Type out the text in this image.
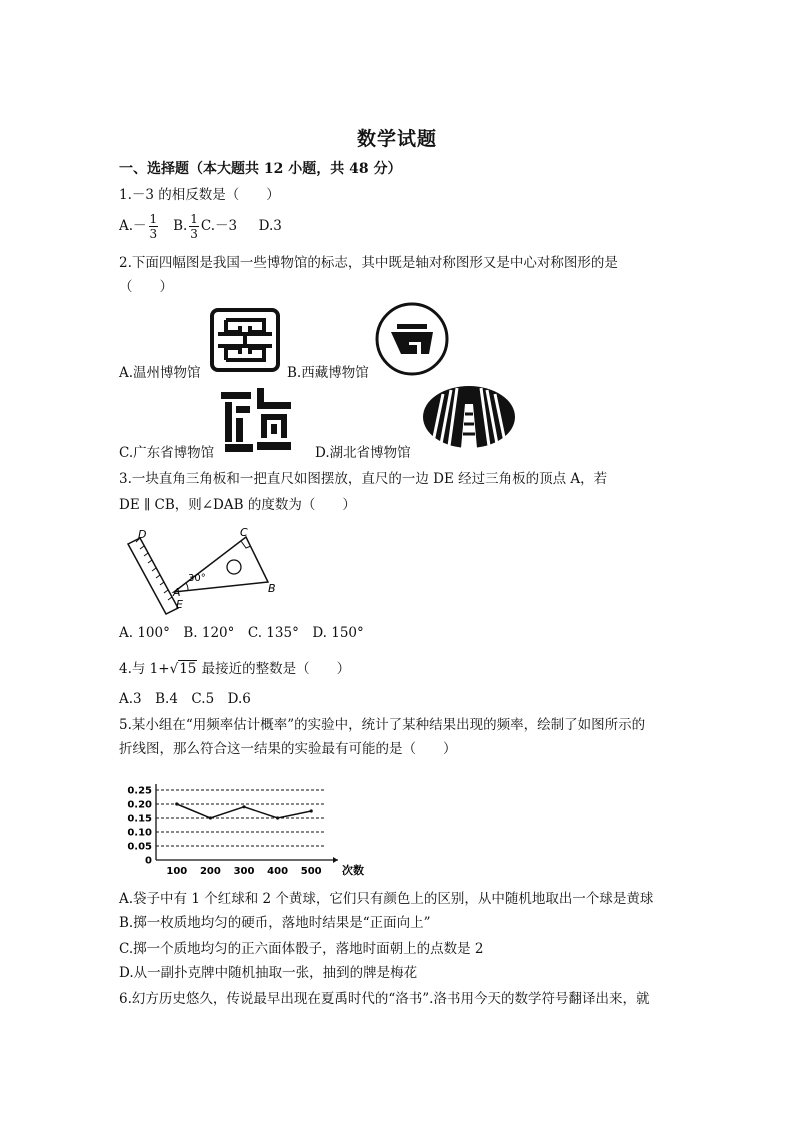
数学试题
一、选择题（本大题共 12 小题，共 48 分）
1.－3 的相反数是（　　）
$A.- \frac{1}{3} B$. $\frac{1}{3} C.-3$ D.3
2.下面四幅图是我国一些博物馆的标志，其中既是轴对称图形又是中心对称图形的是
（　　）
A.温州博物馆	B.西藏博物馆
C.广东省博物馆	D.湖北省博物馆
3.一块直角三角板和一把直尺如图摆放，直尺的一边 DE 经过三角板的顶点 A，若
DE ∥ CB，则∠DAB 的度数为（　　）
D	C
A
E
B
30°
A. 100°　B. 120°　C. 135°　D. 150°
4.与 1+√15 最接近的整数是（　　）
A.3　B.4　C.5　D.6
5.某小组在“用频率估计概率”的实验中，统计了某种结果出现的频率，绘制了如图所示的
折线图，那么符合这一结果的实验最有可能的是（　　）
0.25
0.20
0.15
0.10
0.05
0
100 200 300 400 500 次数
A.袋子中有 1 个红球和 2 个黄球，它们只有颜色上的区别，从中随机地取出一个球是黄球
B.掷一枚质地均匀的硬币，落地时结果是“正面向上”
C.掷一个质地均匀的正六面体骰子，落地时面朝上的点数是 2
D.从一副扑克牌中随机抽取一张，抽到的牌是梅花
6.幻方历史悠久，传说最早出现在夏禹时代的“洛书”.洛书用今天的数学符号翻译出来，就
